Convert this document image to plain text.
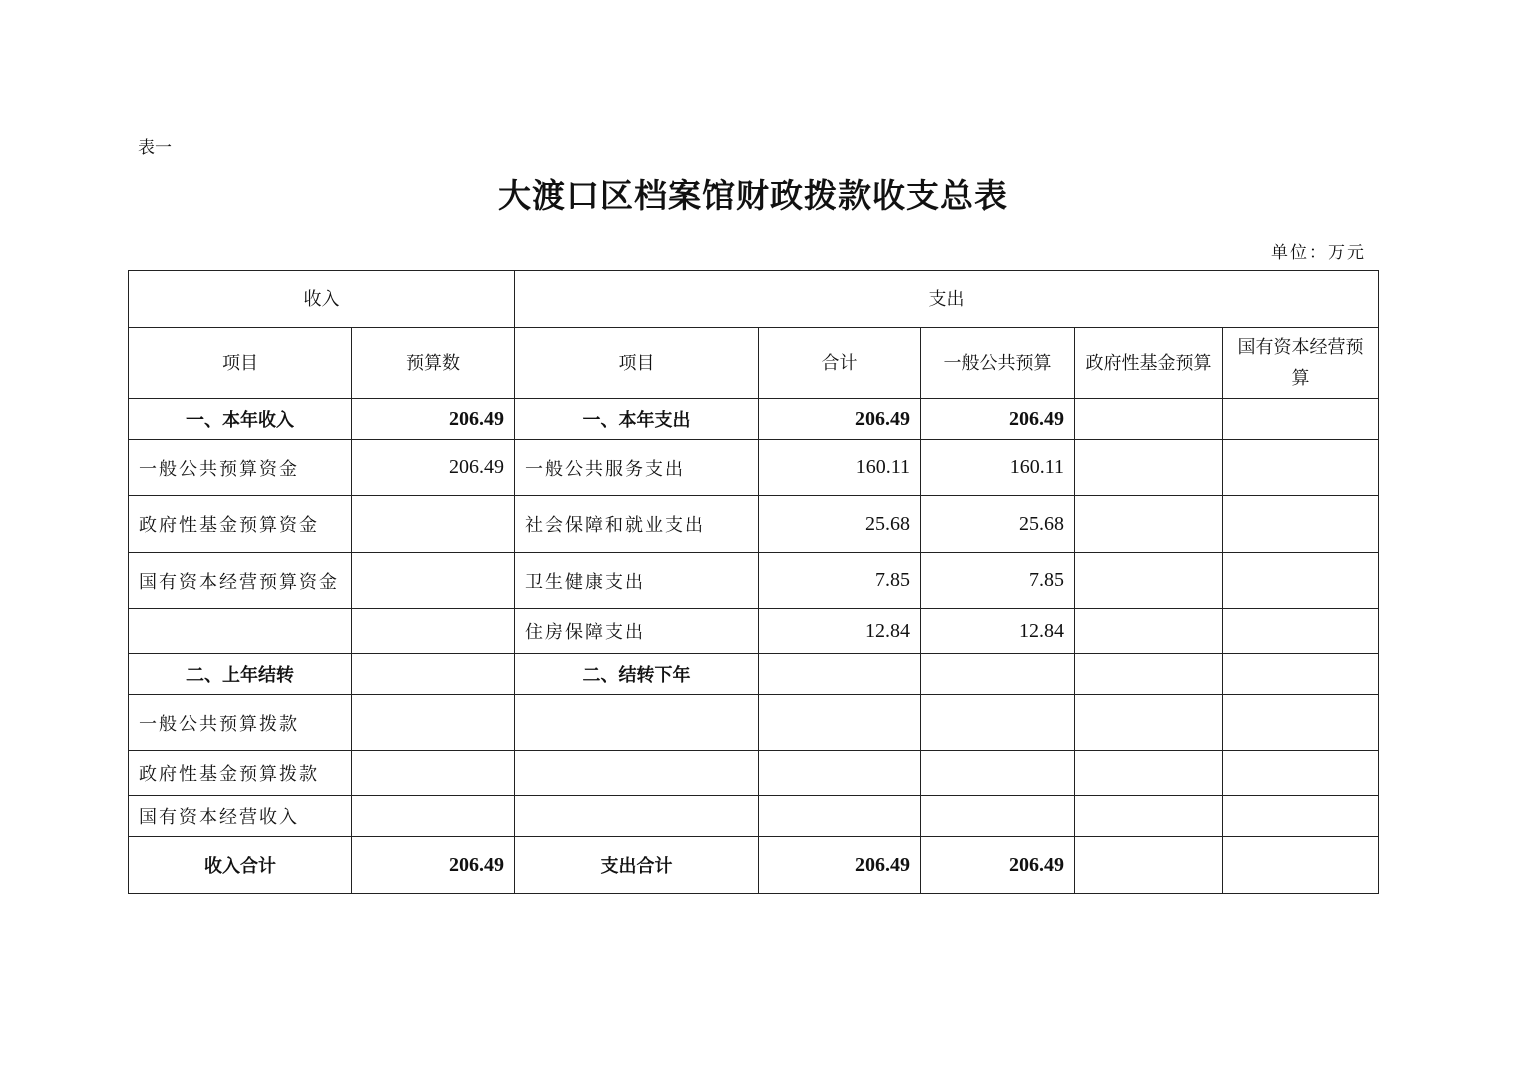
表一
大渡口区档案馆财政拨款收支总表
单位：万元
收入		支出				
项目	预算数	项目	合计	一般公共预算	政府性基金预算	国有资本经营预算
一、本年收入	206.49	一、本年支出	206.49	206.49		
一般公共预算资金	206.49	一般公共服务支出	160.11	160.11		
政府性基金预算资金		社会保障和就业支出	25.68	25.68		
国有资本经营预算资金		卫生健康支出	7.85	7.85		
		住房保障支出	12.84	12.84		
二、上年结转		二、结转下年				
一般公共预算拨款						
政府性基金预算拨款						
国有资本经营收入						
收入合计	206.49	支出合计	206.49	206.49		
